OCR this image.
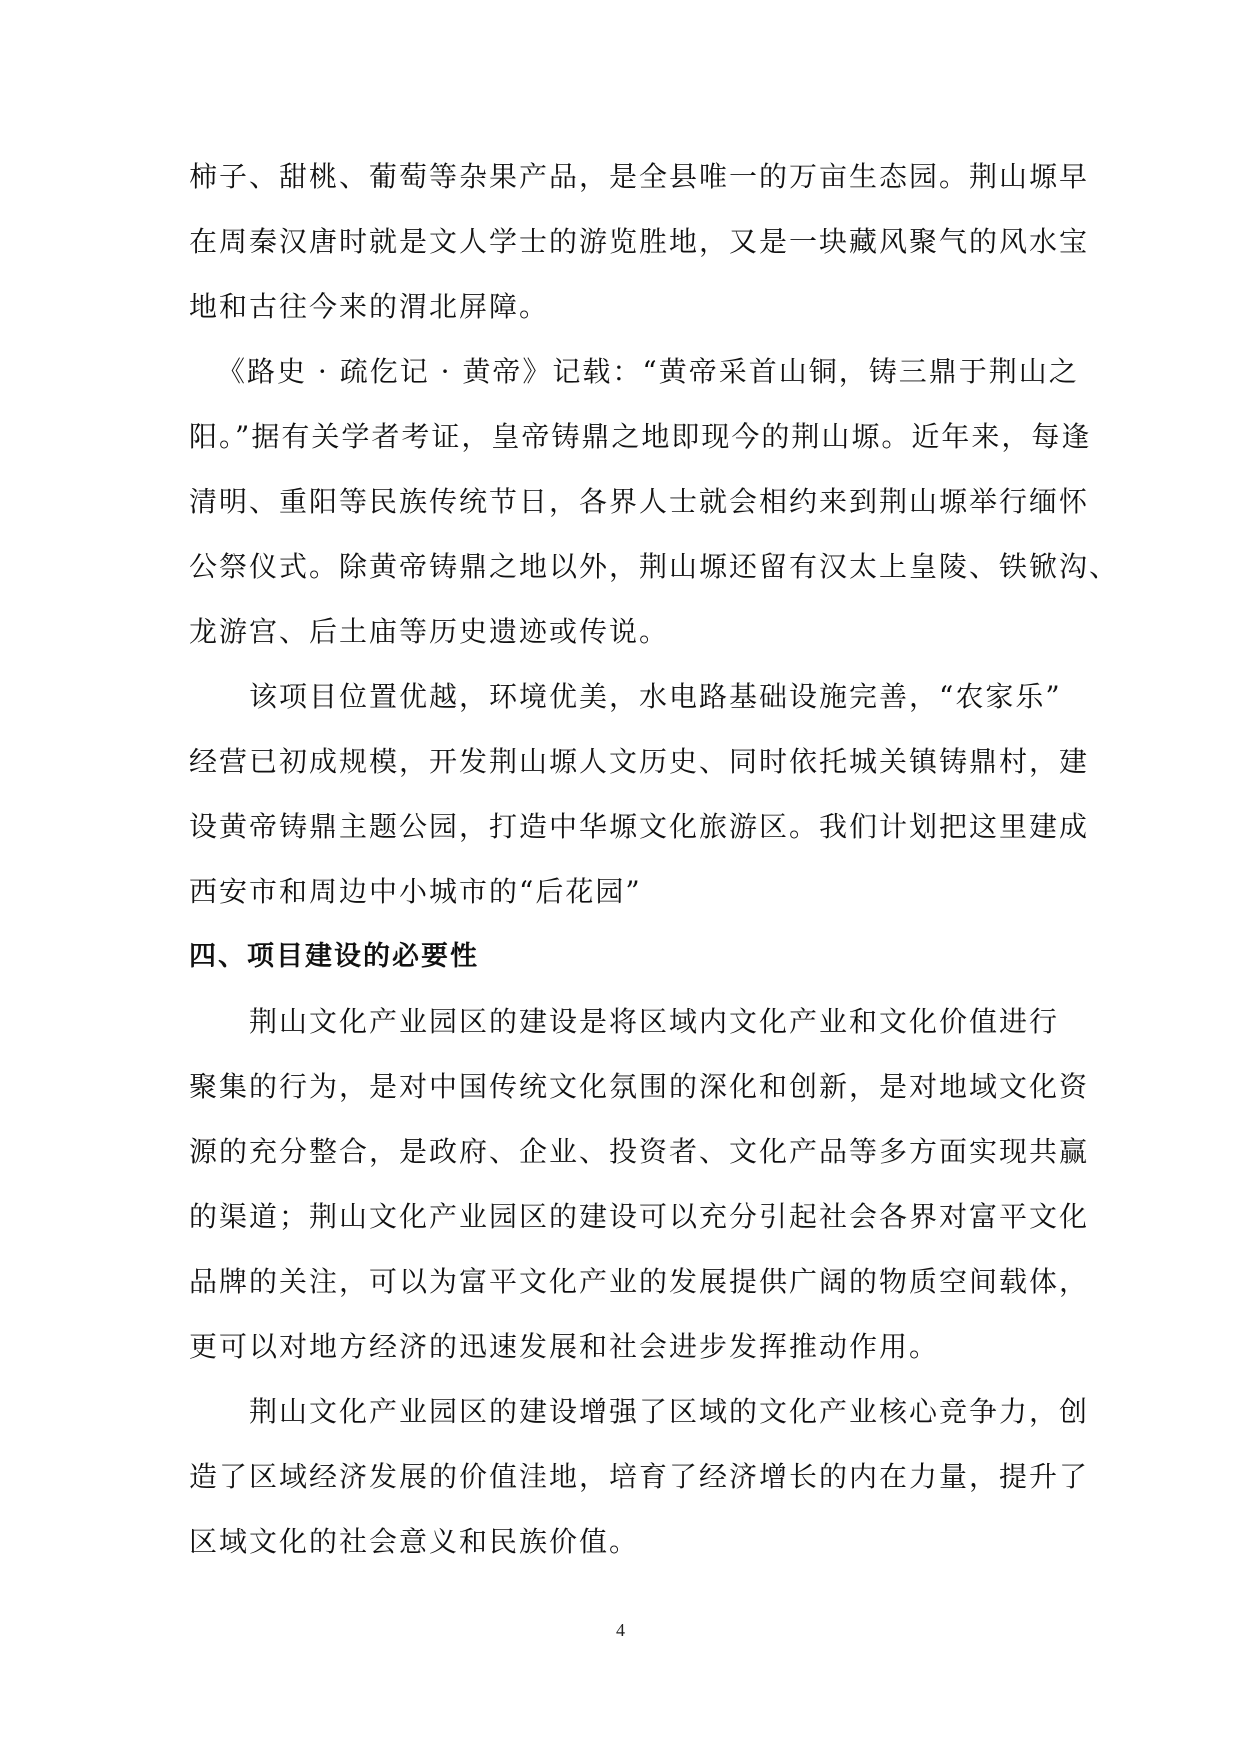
柿子、甜桃、葡萄等杂果产品，是全县唯一的万亩生态园。荆山塬早
在周秦汉唐时就是文人学士的游览胜地，又是一块藏风聚气的风水宝
地和古往今来的渭北屏障。

《路史 · 疏仡记 · 黄帝》记载：“黄帝采首山铜，铸三鼎于荆山之
阳。”据有关学者考证，皇帝铸鼎之地即现今的荆山塬。近年来，每逢
清明、重阳等民族传统节日，各界人士就会相约来到荆山塬举行缅怀
公祭仪式。除黄帝铸鼎之地以外，荆山塬还留有汉太上皇陵、铁锨沟、
龙游宫、后土庙等历史遗迹或传说。

该项目位置优越，环境优美，水电路基础设施完善，“农家乐”
经营已初成规模，开发荆山塬人文历史、同时依托城关镇铸鼎村，建
设黄帝铸鼎主题公园，打造中华塬文化旅游区。我们计划把这里建成
西安市和周边中小城市的“后花园”

四、项目建设的必要性

荆山文化产业园区的建设是将区域内文化产业和文化价值进行
聚集的行为，是对中国传统文化氛围的深化和创新，是对地域文化资
源的充分整合，是政府、企业、投资者、文化产品等多方面实现共赢
的渠道；荆山文化产业园区的建设可以充分引起社会各界对富平文化
品牌的关注，可以为富平文化产业的发展提供广阔的物质空间载体，
更可以对地方经济的迅速发展和社会进步发挥推动作用。

荆山文化产业园区的建设增强了区域的文化产业核心竞争力，创
造了区域经济发展的价值洼地，培育了经济增长的内在力量，提升了
区域文化的社会意义和民族价值。

4
